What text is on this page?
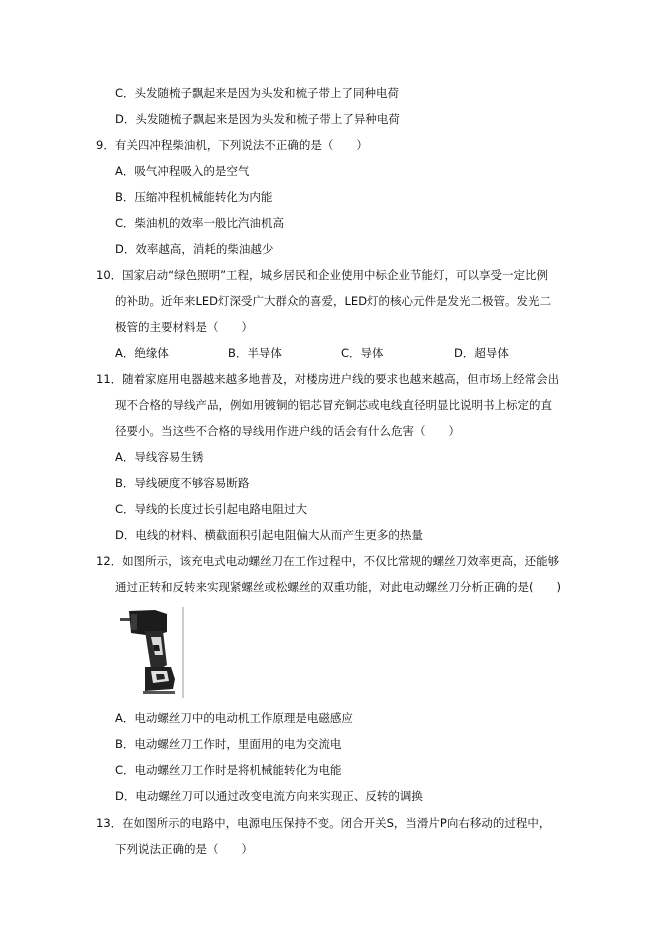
C．头发随梳子飘起来是因为头发和梳子带上了同种电荷
D．头发随梳子飘起来是因为头发和梳子带上了异种电荷
9．有关四冲程柴油机，下列说法不正确的是（　　）
A．吸气冲程吸入的是空气
B．压缩冲程机械能转化为内能
C．柴油机的效率一般比汽油机高
D．效率越高，消耗的柴油越少
10．国家启动“绿色照明”工程，城乡居民和企业使用中标企业节能灯，可以享受一定比例
的补助。近年来LED灯深受广大群众的喜爱，LED灯的核心元件是发光二极管。发光二
极管的主要材料是（　　）
A．绝缘体	B．半导体	C．导体	D．超导体
11．随着家庭用电器越来越多地普及，对楼房进户线的要求也越来越高，但市场上经常会出
现不合格的导线产品，例如用镀铜的铝芯冒充铜芯或电线直径明显比说明书上标定的直
径要小。当这些不合格的导线用作进户线的话会有什么危害（　　）
A．导线容易生锈
B．导线硬度不够容易断路
C．导线的长度过长引起电路电阻过大
D．电线的材料、横截面积引起电阻偏大从而产生更多的热量
12．如图所示，该充电式电动螺丝刀在工作过程中，不仅比常规的螺丝刀效率更高，还能够
通过正转和反转来实现紧螺丝或松螺丝的双重功能，对此电动螺丝刀分析正确的是(　　)
A．电动螺丝刀中的电动机工作原理是电磁感应
B．电动螺丝刀工作时，里面用的电为交流电
C．电动螺丝刀工作时是将机械能转化为电能
D．电动螺丝刀可以通过改变电流方向来实现正、反转的调换
13．在如图所示的电路中，电源电压保持不变。闭合开关S，当滑片P向右移动的过程中，
下列说法正确的是（　　）
